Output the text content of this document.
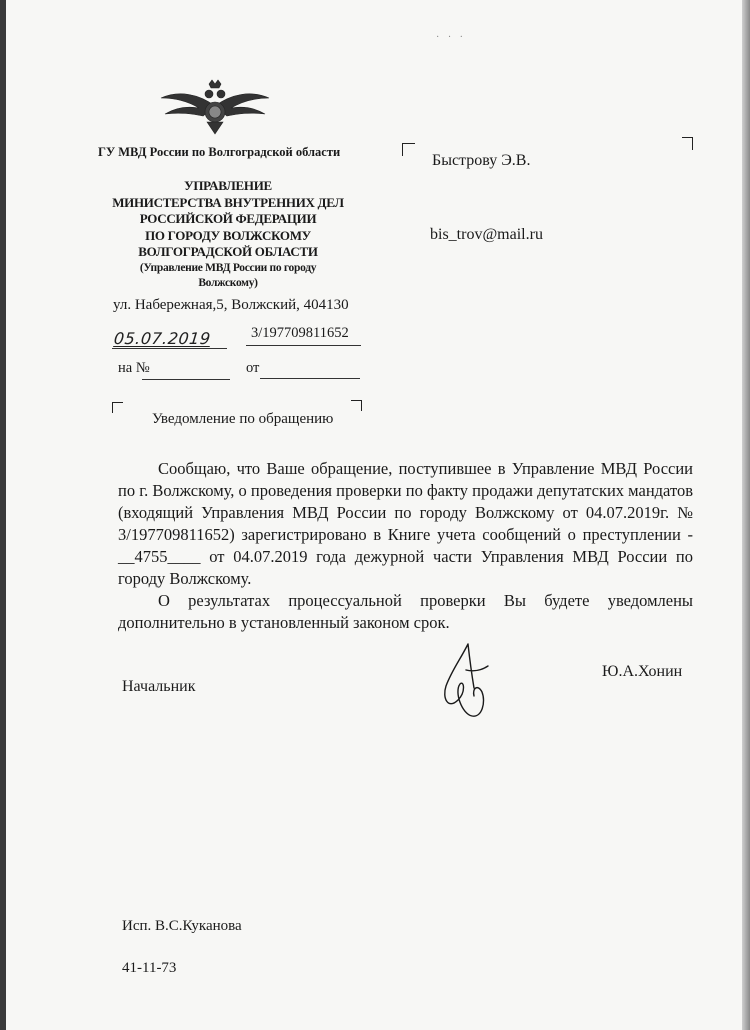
· · ·
ГУ МВД России по Волгоградской области
УПРАВЛЕНИЕ
МИНИСТЕРСТВА ВНУТРЕННИХ ДЕЛ
РОССИЙСКОЙ ФЕДЕРАЦИИ
ПО ГОРОДУ ВОЛЖСКОМУ
ВОЛГОГРАДСКОЙ ОБЛАСТИ
(Управление МВД России по городу
Волжскому)
ул. Набережная,5, Волжский, 404130
05.07.2019	3/197709811652
на №	от
Уведомление по обращению
Быстрову Э.В.
bis_trov@mail.ru

Сообщаю, что Ваше обращение, поступившее в Управление МВД России по г. Волжскому, о проведения проверки по факту продажи депутатских мандатов (входящий Управления МВД России по городу Волжскому от 04.07.2019г. № 3/197709811652) зарегистрировано в Книге учета сообщений о преступлении - __4755____ от 04.07.2019 года дежурной части Управления МВД России по городу Волжскому.

О результатах процессуальной проверки Вы будете уведомлены дополнительно в установленный законом срок.

Начальник
Ю.А.Хонин
Исп. В.С.Куканова
41-11-73
